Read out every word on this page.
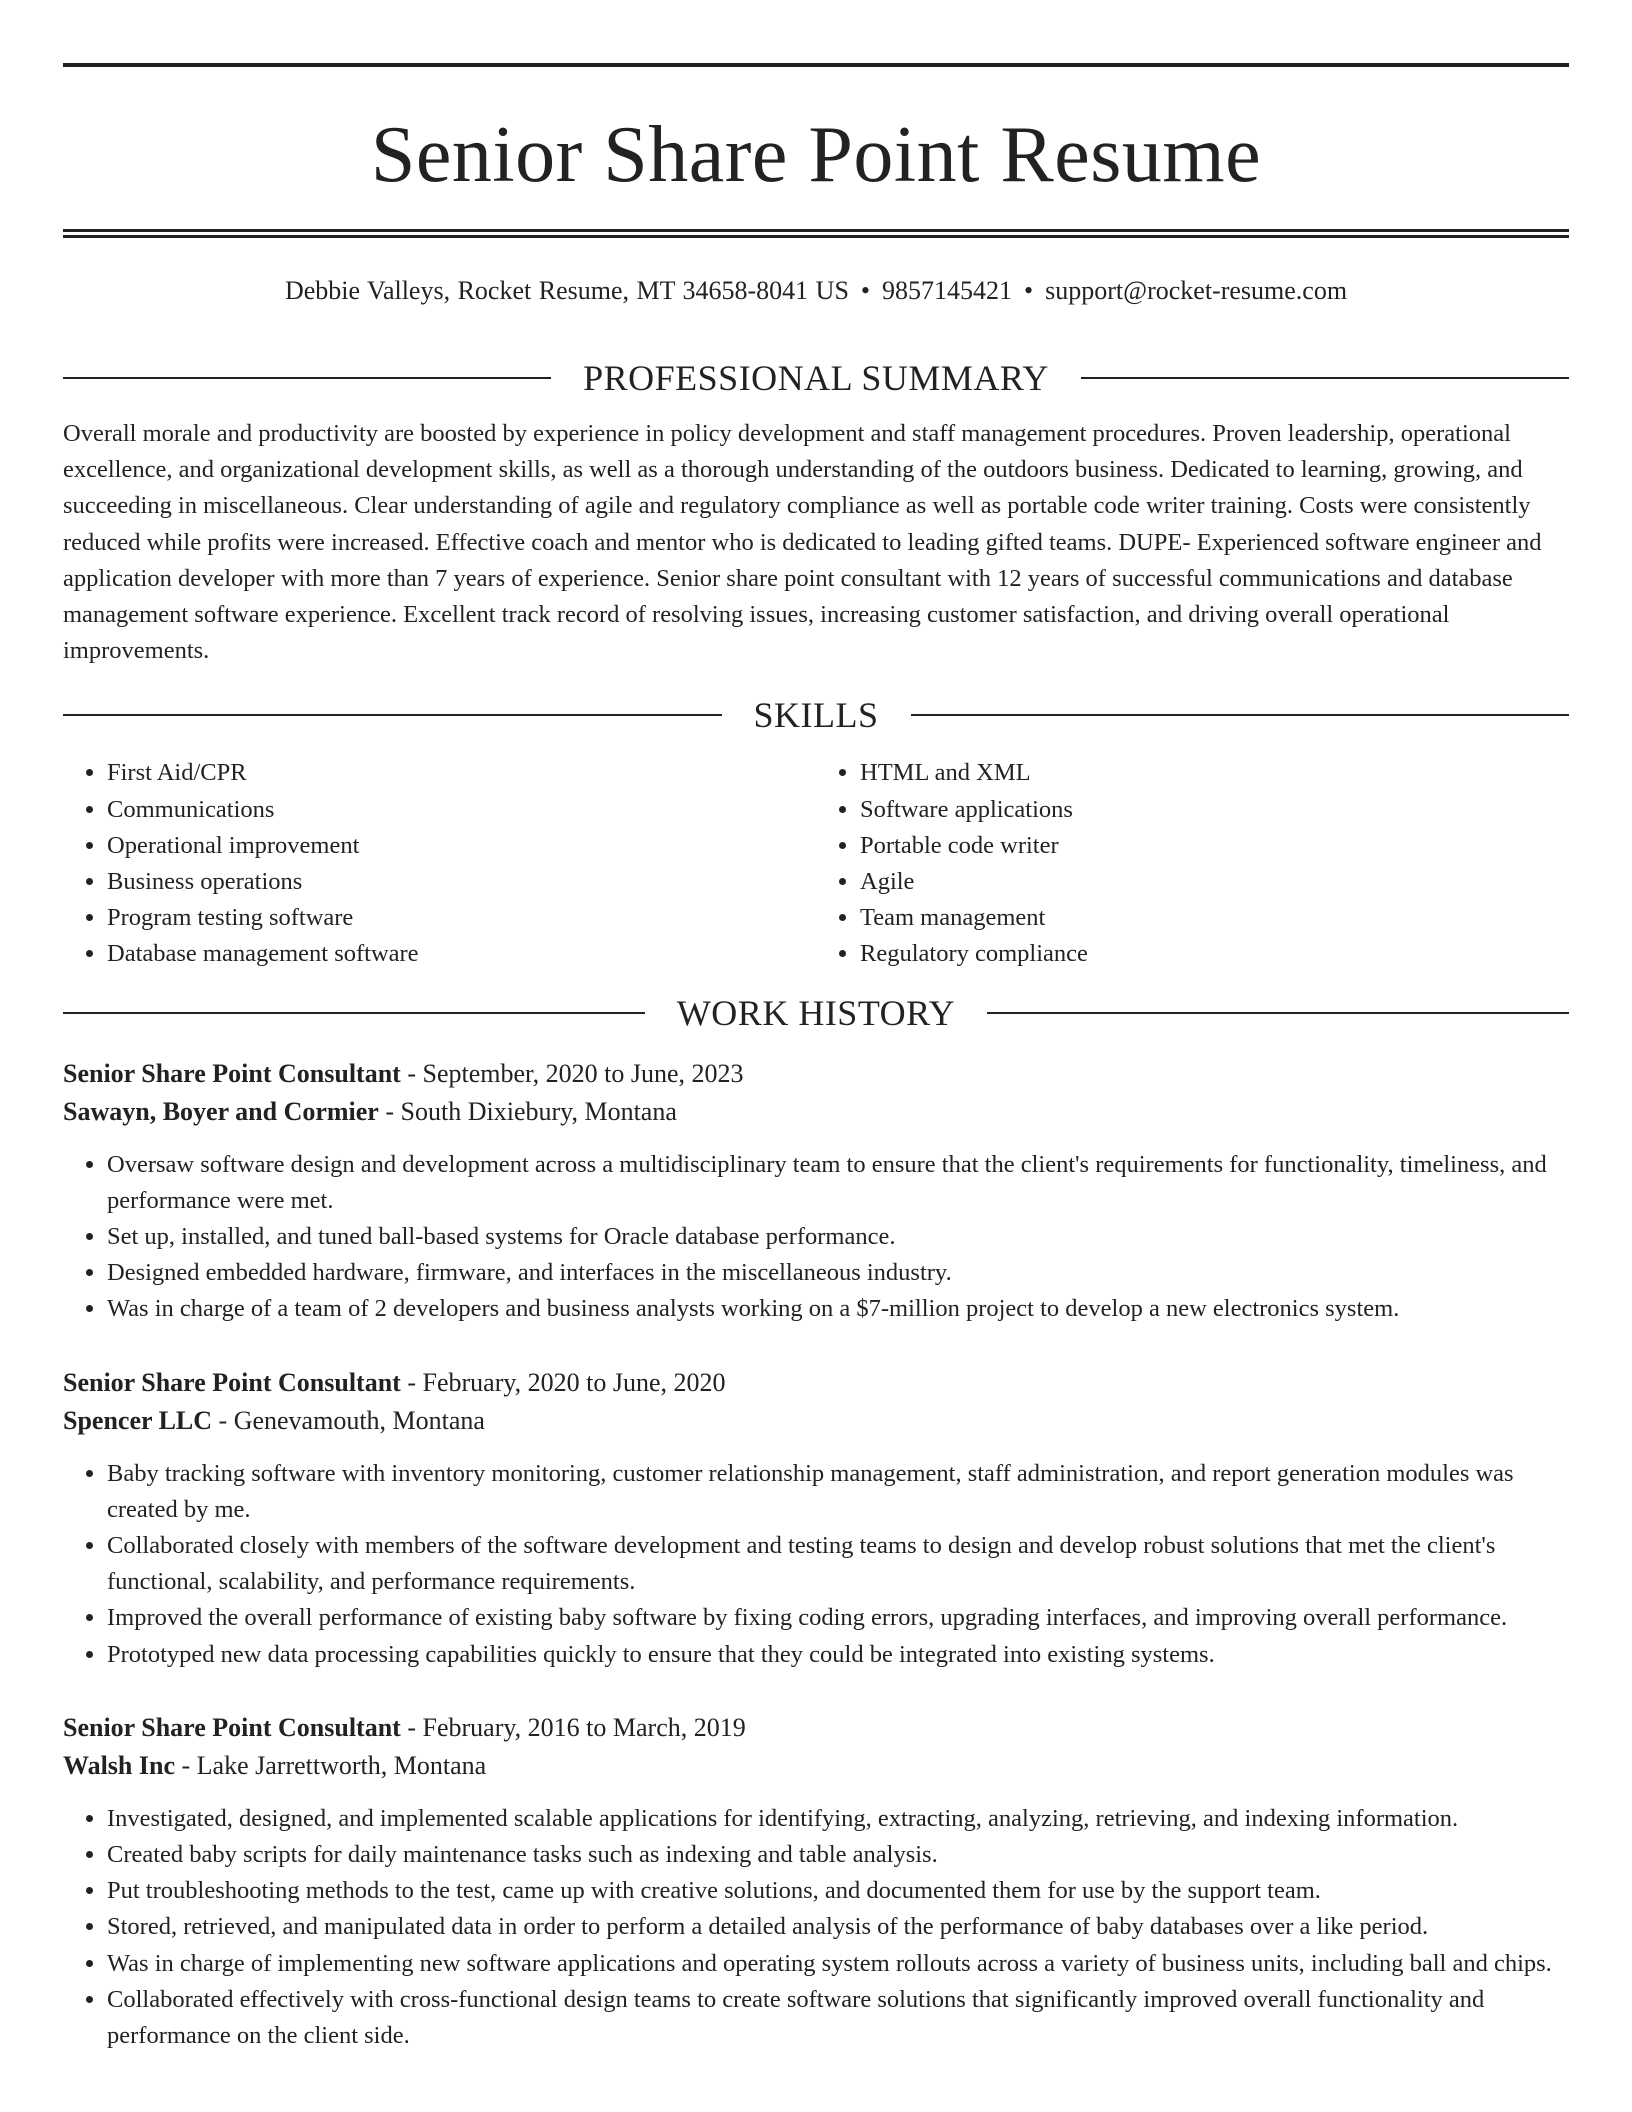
Senior Share Point Resume
Debbie Valleys, Rocket Resume, MT 34658-8041 US • 9857145421 • support@rocket-resume.com
PROFESSIONAL SUMMARY
Overall morale and productivity are boosted by experience in policy development and staff management procedures. Proven leadership, operational excellence, and organizational development skills, as well as a thorough understanding of the outdoors business. Dedicated to learning, growing, and succeeding in miscellaneous. Clear understanding of agile and regulatory compliance as well as portable code writer training. Costs were consistently reduced while profits were increased. Effective coach and mentor who is dedicated to leading gifted teams. DUPE- Experienced software engineer and application developer with more than 7 years of experience. Senior share point consultant with 12 years of successful communications and database management software experience. Excellent track record of resolving issues, increasing customer satisfaction, and driving overall operational improvements.
SKILLS
• First Aid/CPR
• Communications
• Operational improvement
• Business operations
• Program testing software
• Database management software
• HTML and XML
• Software applications
• Portable code writer
• Agile
• Team management
• Regulatory compliance
WORK HISTORY
Senior Share Point Consultant - September, 2020 to June, 2023
Sawayn, Boyer and Cormier - South Dixiebury, Montana
• Oversaw software design and development across a multidisciplinary team to ensure that the client's requirements for functionality, timeliness, and performance were met.
• Set up, installed, and tuned ball-based systems for Oracle database performance.
• Designed embedded hardware, firmware, and interfaces in the miscellaneous industry.
• Was in charge of a team of 2 developers and business analysts working on a $7-million project to develop a new electronics system.
Senior Share Point Consultant - February, 2020 to June, 2020
Spencer LLC - Genevamouth, Montana
• Baby tracking software with inventory monitoring, customer relationship management, staff administration, and report generation modules was created by me.
• Collaborated closely with members of the software development and testing teams to design and develop robust solutions that met the client's functional, scalability, and performance requirements.
• Improved the overall performance of existing baby software by fixing coding errors, upgrading interfaces, and improving overall performance.
• Prototyped new data processing capabilities quickly to ensure that they could be integrated into existing systems.
Senior Share Point Consultant - February, 2016 to March, 2019
Walsh Inc - Lake Jarrettworth, Montana
• Investigated, designed, and implemented scalable applications for identifying, extracting, analyzing, retrieving, and indexing information.
• Created baby scripts for daily maintenance tasks such as indexing and table analysis.
• Put troubleshooting methods to the test, came up with creative solutions, and documented them for use by the support team.
• Stored, retrieved, and manipulated data in order to perform a detailed analysis of the performance of baby databases over a like period.
• Was in charge of implementing new software applications and operating system rollouts across a variety of business units, including ball and chips.
• Collaborated effectively with cross-functional design teams to create software solutions that significantly improved overall functionality and performance on the client side.
